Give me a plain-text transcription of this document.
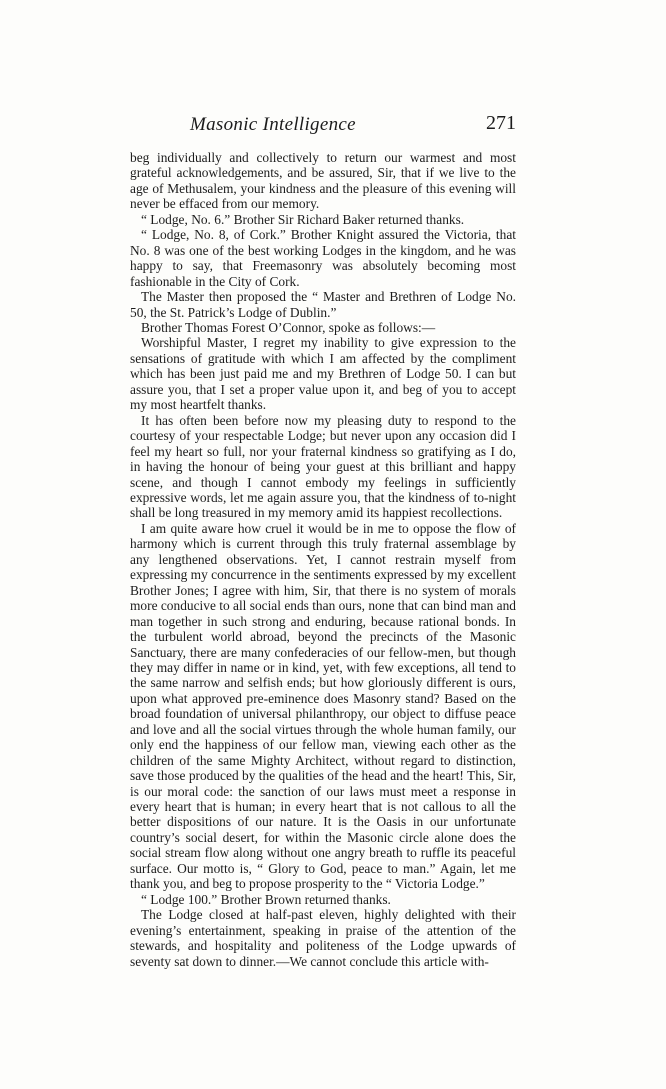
Masonic Intelligence	271

beg individually and collectively to return our warmest and most grateful acknowledgements, and be assured, Sir, that if we live to the age of Methusalem, your kindness and the pleasure of this evening will never be effaced from our memory.

“ Lodge, No. 6.” Brother Sir Richard Baker returned thanks.

“ Lodge, No. 8, of Cork.” Brother Knight assured the Victoria, that No. 8 was one of the best working Lodges in the kingdom, and he was happy to say, that Freemasonry was absolutely becoming most fashionable in the City of Cork.

The Master then proposed the “ Master and Brethren of Lodge No. 50, the St. Patrick’s Lodge of Dublin.”

Brother Thomas Forest O’Connor, spoke as follows:—

Worshipful Master, I regret my inability to give expression to the sensations of gratitude with which I am affected by the compliment which has been just paid me and my Brethren of Lodge 50. I can but assure you, that I set a proper value upon it, and beg of you to accept my most heartfelt thanks.

It has often been before now my pleasing duty to respond to the courtesy of your respectable Lodge; but never upon any occasion did I feel my heart so full, nor your fraternal kindness so gratifying as I do, in having the honour of being your guest at this brilliant and happy scene, and though I cannot embody my feelings in sufficiently expressive words, let me again assure you, that the kindness of to-night shall be long treasured in my memory amid its happiest recollections.

I am quite aware how cruel it would be in me to oppose the flow of harmony which is current through this truly fraternal assemblage by any lengthened observations. Yet, I cannot restrain myself from expressing my concurrence in the sentiments expressed by my excellent Brother Jones; I agree with him, Sir, that there is no system of morals more conducive to all social ends than ours, none that can bind man and man together in such strong and enduring, because rational bonds. In the turbulent world abroad, beyond the precincts of the Masonic Sanctuary, there are many confederacies of our fellow-men, but though they may differ in name or in kind, yet, with few exceptions, all tend to the same narrow and selfish ends; but how gloriously different is ours, upon what approved pre-eminence does Masonry stand? Based on the broad foundation of universal philanthropy, our object to diffuse peace and love and all the social virtues through the whole human family, our only end the happiness of our fellow man, viewing each other as the children of the same Mighty Architect, without regard to distinction, save those produced by the qualities of the head and the heart! This, Sir, is our moral code: the sanction of our laws must meet a response in every heart that is human; in every heart that is not callous to all the better dispositions of our nature. It is the Oasis in our unfortunate country’s social desert, for within the Masonic circle alone does the social stream flow along without one angry breath to ruffle its peaceful surface. Our motto is, “ Glory to God, peace to man.” Again, let me thank you, and beg to propose prosperity to the “ Victoria Lodge.”

“ Lodge 100.” Brother Brown returned thanks.

The Lodge closed at half-past eleven, highly delighted with their evening’s entertainment, speaking in praise of the attention of the stewards, and hospitality and politeness of the Lodge upwards of seventy sat down to dinner.—We cannot conclude this article with-
